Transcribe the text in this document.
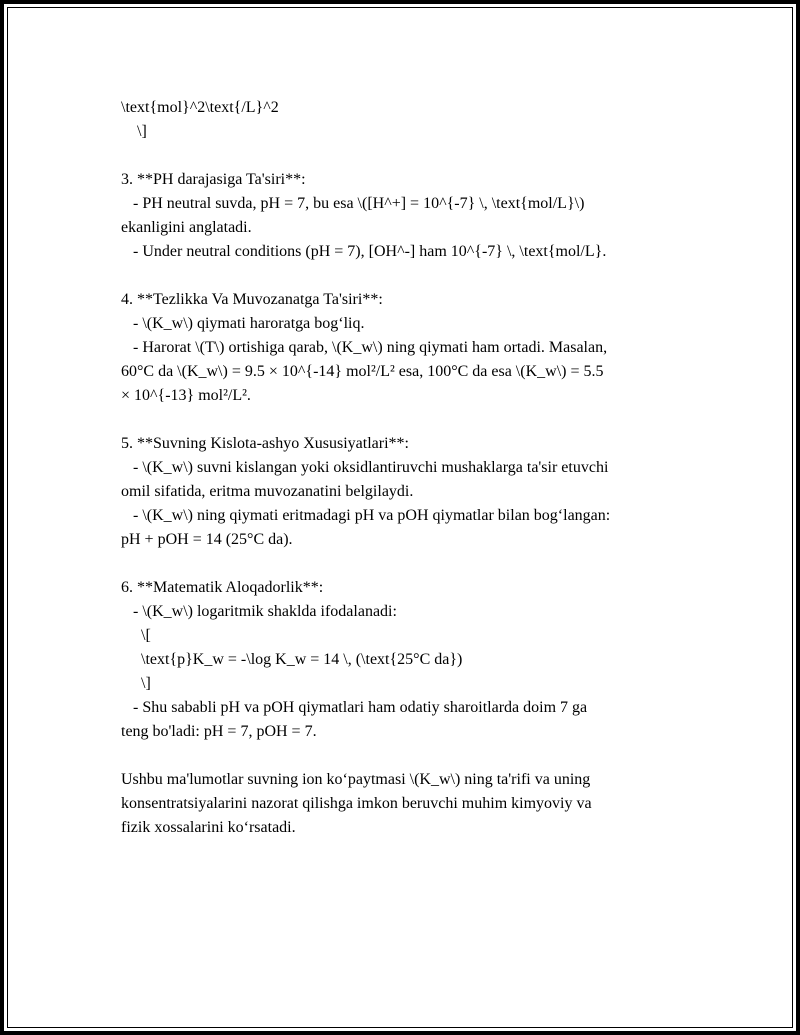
\text{mol}^2\text{/L}^2
\]
3. **PH darajasiga Ta'siri**:
- PH neutral suvda, pH = 7, bu esa \([H^+] = 10^{-7} \, \text{mol/L}\)
ekanligini anglatadi.
- Under neutral conditions (pH = 7), [OH^-] ham 10^{-7} \, \text{mol/L}.
4. **Tezlikka Va Muvozanatga Ta'siri**:
- \(K_w\) qiymati haroratga bog‘liq.
- Harorat \(T\) ortishiga qarab, \(K_w\) ning qiymati ham ortadi. Masalan,
60°C da \(K_w\) = 9.5 × 10^{-14} mol²/L² esa, 100°C da esa \(K_w\) = 5.5
× 10^{-13} mol²/L².
5. **Suvning Kislota-ashyo Xususiyatlari**:
- \(K_w\) suvni kislangan yoki oksidlantiruvchi mushaklarga ta'sir etuvchi
omil sifatida, eritma muvozanatini belgilaydi.
- \(K_w\) ning qiymati eritmadagi pH va pOH qiymatlar bilan bog‘langan:
pH + pOH = 14 (25°C da).
6. **Matematik Aloqadorlik**:
- \(K_w\) logaritmik shaklda ifodalanadi:
\[
\text{p}K_w = -\log K_w = 14 \, (\text{25°C da})
\]
- Shu sababli pH va pOH qiymatlari ham odatiy sharoitlarda doim 7 ga
teng bo'ladi: pH = 7, pOH = 7.
Ushbu ma'lumotlar suvning ion ko‘paytmasi \(K_w\) ning ta'rifi va uning
konsentratsiyalarini nazorat qilishga imkon beruvchi muhim kimyoviy va
fizik xossalarini ko‘rsatadi.
